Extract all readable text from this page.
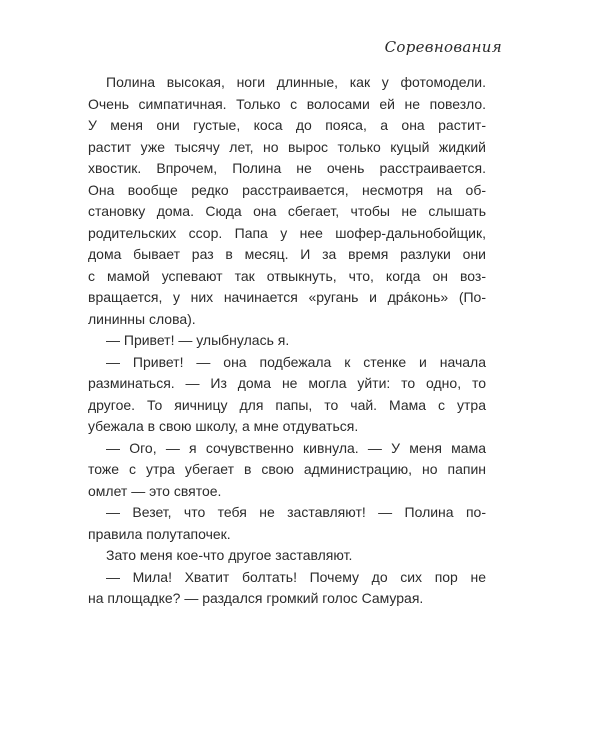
Соревнования
Полина высокая, ноги длинные, как у фотомодели.
Очень симпатичная. Только с волосами ей не повезло.
У меня они густые, коса до пояса, а она растит-
растит уже тысячу лет, но вырос только куцый жидкий
хвостик. Впрочем, Полина не очень расстраивается.
Она вообще редко расстраивается, несмотря на об-
становку дома. Сюда она сбегает, чтобы не слышать
родительских ссор. Папа у нее шофер-дальнобойщик,
дома бывает раз в месяц. И за время разлуки они
с мамой успевают так отвыкнуть, что, когда он воз-
вращается, у них начинается «ругань и дрáконь» (По-
лининны слова).
— Привет! — улыбнулась я.
— Привет! — она подбежала к стенке и начала
разминаться. — Из дома не могла уйти: то одно, то
другое. То яичницу для папы, то чай. Мама с утра
убежала в свою школу, а мне отдуваться.
— Ого, — я сочувственно кивнула. — У меня мама
тоже с утра убегает в свою администрацию, но папин
омлет — это святое.
— Везет, что тебя не заставляют! — Полина по-
правила полутапочек.
Зато меня кое-что другое заставляют.
— Мила! Хватит болтать! Почему до сих пор не
на площадке? — раздался громкий голос Самурая.
